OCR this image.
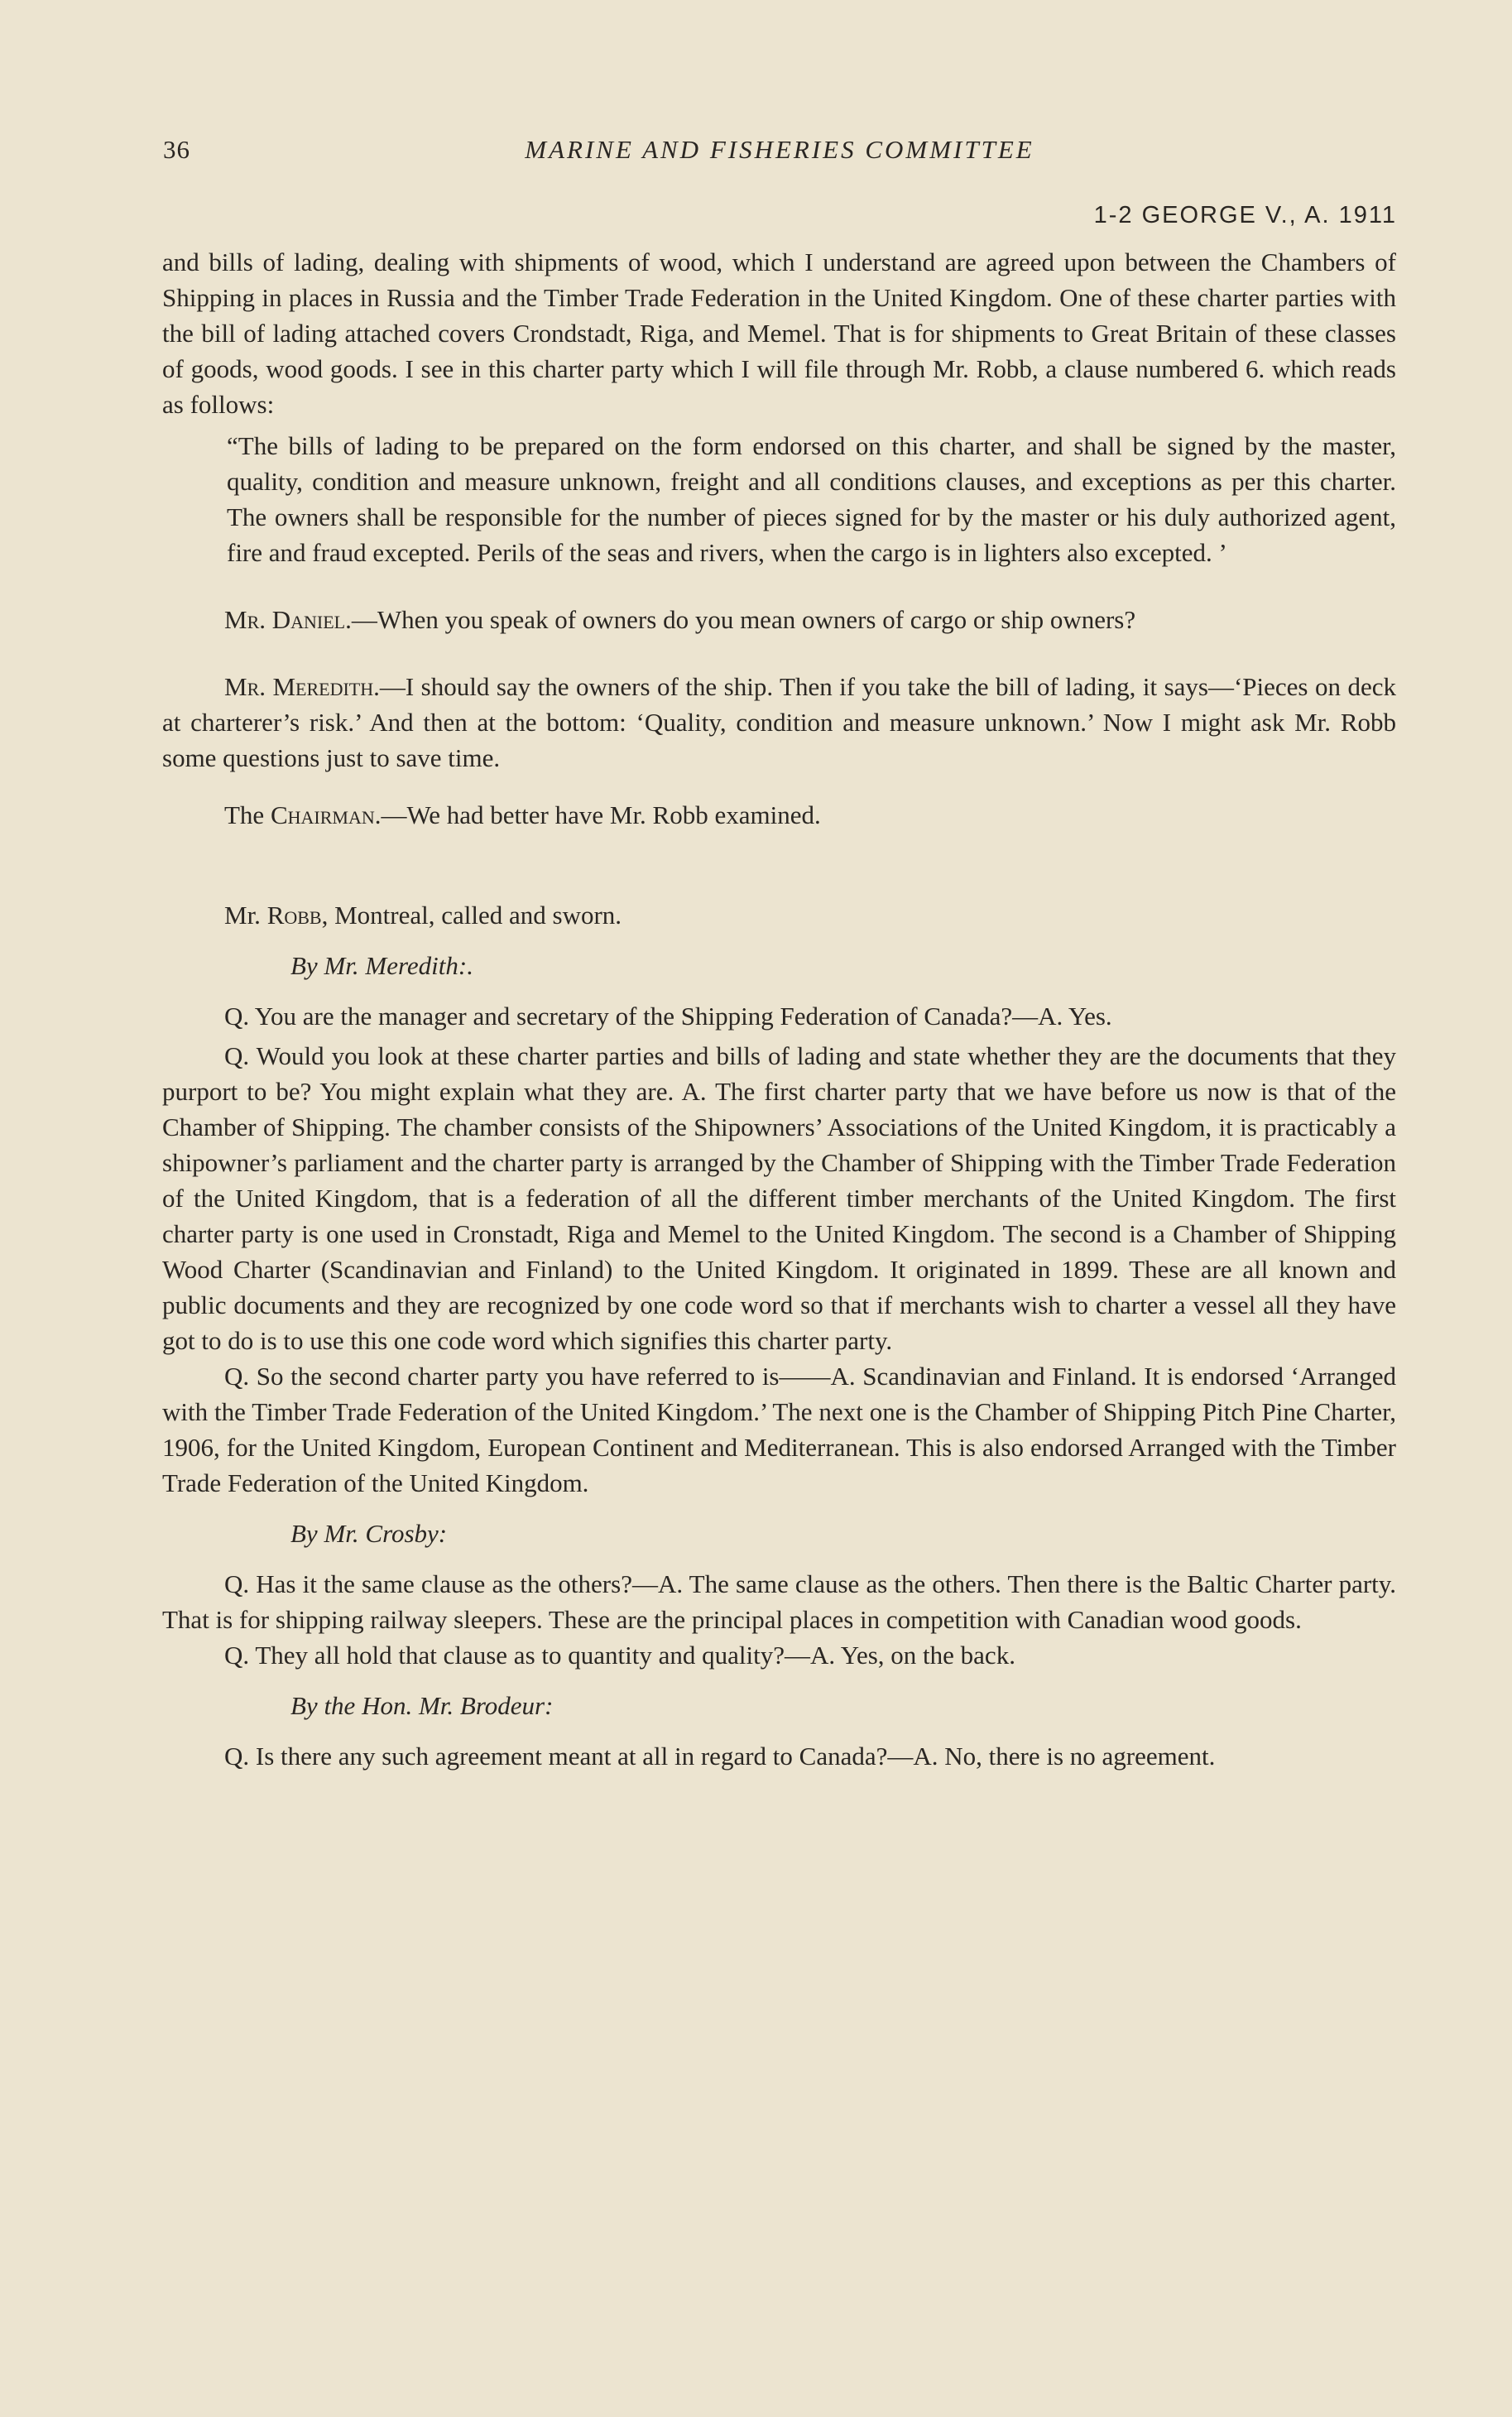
36	MARINE AND FISHERIES COMMITTEE
1-2 GEORGE V., A. 1911

and bills of lading, dealing with shipments of wood, which I understand are agreed upon between the Chambers of Shipping in places in Russia and the Timber Trade Federation in the United Kingdom. One of these charter parties with the bill of lading attached covers Crondstadt, Riga, and Memel. That is for shipments to Great Britain of these classes of goods, wood goods. I see in this charter party which I will file through Mr. Robb, a clause numbered 6. which reads as follows:

“The bills of lading to be prepared on the form endorsed on this charter, and shall be signed by the master, quality, condition and measure unknown, freight and all conditions clauses, and exceptions as per this charter. The owners shall be responsible for the number of pieces signed for by the master or his duly authorized agent, fire and fraud excepted. Perils of the seas and rivers, when the cargo is in lighters also excepted. ’

Mr. Daniel.—When you speak of owners do you mean owners of cargo or ship owners?

Mr. Meredith.—I should say the owners of the ship. Then if you take the bill of lading, it says—‘Pieces on deck at charterer’s risk.’ And then at the bottom: ‘Quality, condition and measure unknown.’ Now I might ask Mr. Robb some questions just to save time.

The Chairman.—We had better have Mr. Robb examined.

Mr. Robb, Montreal, called and sworn.

By Mr. Meredith:.

Q. You are the manager and secretary of the Shipping Federation of Canada?—A. Yes.

Q. Would you look at these charter parties and bills of lading and state whether they are the documents that they purport to be? You might explain what they are. A. The first charter party that we have before us now is that of the Chamber of Shipping. The chamber consists of the Shipowners’ Associations of the United Kingdom, it is practicably a shipowner’s parliament and the charter party is arranged by the Chamber of Shipping with the Timber Trade Federation of the United Kingdom, that is a federation of all the different timber merchants of the United Kingdom. The first charter party is one used in Cronstadt, Riga and Memel to the United Kingdom. The second is a Chamber of Shipping Wood Charter (Scandinavian and Finland) to the United Kingdom. It originated in 1899. These are all known and public documents and they are recognized by one code word so that if merchants wish to charter a vessel all they have got to do is to use this one code word which signifies this charter party.

Q. So the second charter party you have referred to is——A. Scandinavian and Finland. It is endorsed ‘Arranged with the Timber Trade Federation of the United Kingdom.’ The next one is the Chamber of Shipping Pitch Pine Charter, 1906, for the United Kingdom, European Continent and Mediterranean. This is also endorsed Arranged with the Timber Trade Federation of the United Kingdom.

By Mr. Crosby:

Q. Has it the same clause as the others?—A. The same clause as the others. Then there is the Baltic Charter party. That is for shipping railway sleepers. These are the principal places in competition with Canadian wood goods.

Q. They all hold that clause as to quantity and quality?—A. Yes, on the back.

By the Hon. Mr. Brodeur:

Q. Is there any such agreement meant at all in regard to Canada?—A. No, there is no agreement.
